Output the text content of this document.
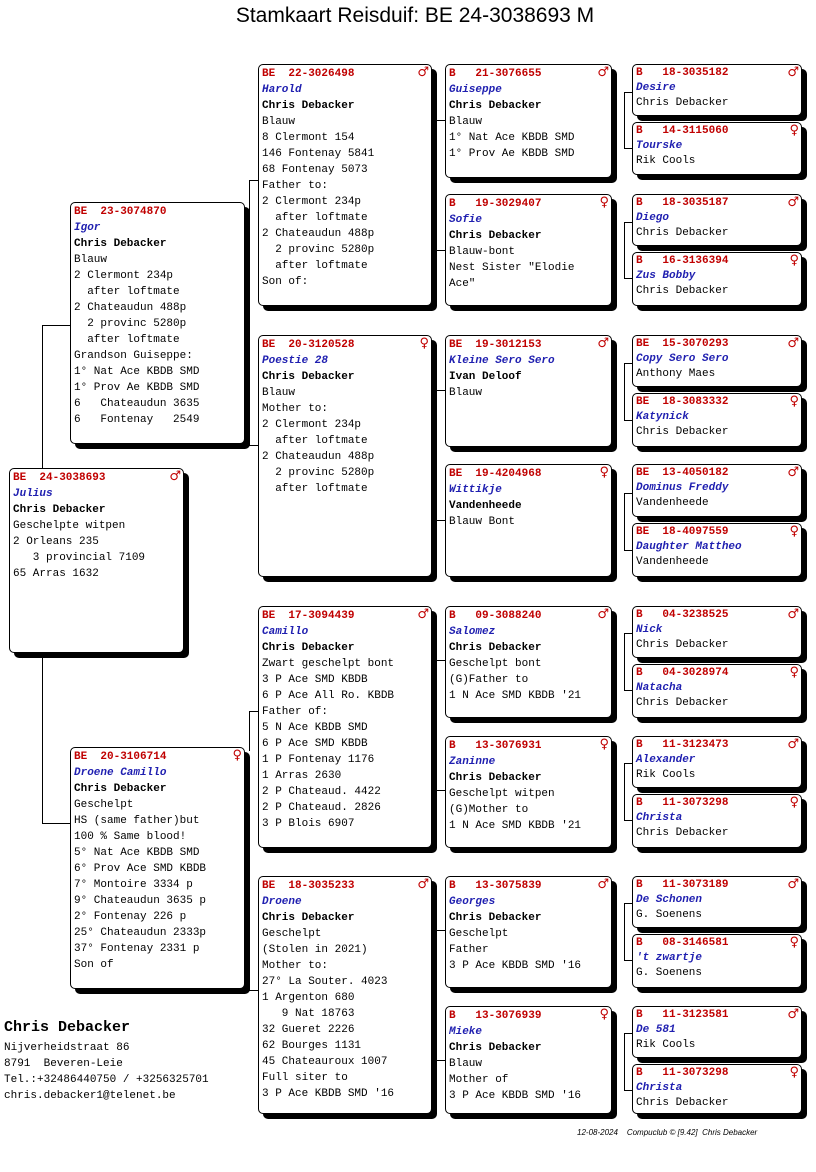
Stamkaart Reisduif: BE 24-3038693 M
BE  24-3038693	♂
Julius
Chris Debacker
Geschelpte witpen
2 Orleans 235
3 provincial 7109
65 Arras 1632
BE  23-3074870
Igor
Chris Debacker
Blauw
2 Clermont 234p
after loftmate
2 Chateaudun 488p
2 provinc 5280p
after loftmate
Grandson Guiseppe:
1° Nat Ace KBDB SMD
1° Prov Ae KBDB SMD
6   Chateaudun 3635
6   Fontenay   2549
BE  20-3106714	♀
Droene Camillo
Chris Debacker
Geschelpt
HS (same father)but
100 % Same blood!
5° Nat Ace KBDB SMD
6° Prov Ace SMD KBDB
7° Montoire 3334 p
9° Chateaudun 3635 p
2° Fontenay 226 p
25° Chateaudun 2333p
37° Fontenay 2331 p
Son of
BE  22-3026498	♂
Harold
Chris Debacker
Blauw
8 Clermont 154
146 Fontenay 5841
68 Fontenay 5073
Father to:
2 Clermont 234p
after loftmate
2 Chateaudun 488p
2 provinc 5280p
after loftmate
Son of:
BE  20-3120528	♀
Poestie 28
Chris Debacker
Blauw
Mother to:
2 Clermont 234p
after loftmate
2 Chateaudun 488p
2 provinc 5280p
after loftmate
BE  17-3094439	♂
Camillo
Chris Debacker
Zwart geschelpt bont
3 P Ace SMD KBDB
6 P Ace All Ro. KBDB
Father of:
5 N Ace KBDB SMD
6 P Ace SMD KBDB
1 P Fontenay 1176
1 Arras 2630
2 P Chateaud. 4422
2 P Chateaud. 2826
3 P Blois 6907
BE  18-3035233	♂
Droene
Chris Debacker
Geschelpt
(Stolen in 2021)
Mother to:
27° La Souter. 4023
1 Argenton 680
9 Nat 18763
32 Gueret 2226
62 Bourges 1131
45 Chateauroux 1007
Full siter to
3 P Ace KBDB SMD '16
B   21-3076655	♂
Guiseppe
Chris Debacker
Blauw
1° Nat Ace KBDB SMD
1° Prov Ae KBDB SMD
B   19-3029407	♀
Sofie
Chris Debacker
Blauw-bont
Nest Sister "Elodie
Ace"
BE  19-3012153	♂
Kleine Sero Sero
Ivan Deloof
Blauw
BE  19-4204968	♀
Wittikje
Vandenheede
Blauw Bont
B   09-3088240	♂
Salomez
Chris Debacker
Geschelpt bont
(G)Father to
1 N Ace SMD KBDB '21
B   13-3076931	♀
Zaninne
Chris Debacker
Geschelpt witpen
(G)Mother to
1 N Ace SMD KBDB '21
B   13-3075839	♂
Georges
Chris Debacker
Geschelpt
Father
3 P Ace KBDB SMD '16
B   13-3076939	♀
Mieke
Chris Debacker
Blauw
Mother of
3 P Ace KBDB SMD '16
B   18-3035182	♂
Desire
Chris Debacker
B   14-3115060	♀
Tourske
Rik Cools
B   18-3035187	♂
Diego
Chris Debacker
B   16-3136394	♀
Zus Bobby
Chris Debacker
BE  15-3070293	♂
Copy Sero Sero
Anthony Maes
BE  18-3083332	♀
Katynick
Chris Debacker
BE  13-4050182	♂
Dominus Freddy
Vandenheede
BE  18-4097559	♀
Daughter Mattheo
Vandenheede
B   04-3238525	♂
Nick
Chris Debacker
B   04-3028974	♀
Natacha
Chris Debacker
B   11-3123473	♂
Alexander
Rik Cools
B   11-3073298	♀
Christa
Chris Debacker
B   11-3073189	♂
De Schonen
G. Soenens
B   08-3146581	♀
't zwartje
G. Soenens
B   11-3123581	♂
De 581
Rik Cools
B   11-3073298	♀
Christa
Chris Debacker
Chris Debacker
Nijverheidstraat 86
8791  Beveren-Leie
Tel.:+32486440750 / +3256325701
chris.debacker1@telenet.be
12-08-2024 Compuclub © [9.42] Chris Debacker
